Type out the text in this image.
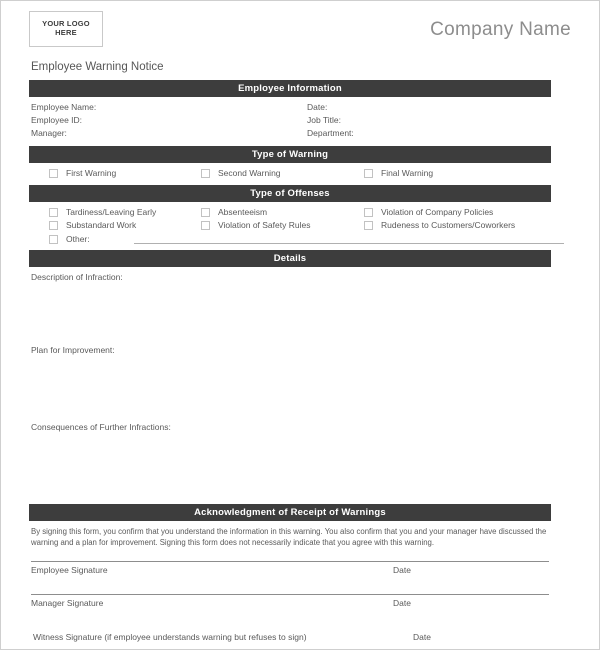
YOUR LOGO
HERE	Company Name
Employee Warning Notice
Employee Information
Employee Name:	Date:
Employee ID:	Job Title:
Manager:	Department:
Type of Warning
First Warning	Second Warning	Final Warning
Type of Offenses
Tardiness/Leaving Early	Absenteeism	Violation of Company Policies
Substandard Work	Violation of Safety Rules	Rudeness to Customers/Coworkers
Other:
Details
Description of Infraction:
Plan for Improvement:
Consequences of Further Infractions:
Acknowledgment of Receipt of Warnings
By signing this form, you confirm that you understand the information in this warning. You also confirm that you and your manager have discussed the warning and a plan for improvement. Signing this form does not necessarily indicate that you agree with this warning.
Employee Signature	Date
Manager Signature	Date
Witness Signature (if employee understands warning but refuses to sign)	Date
